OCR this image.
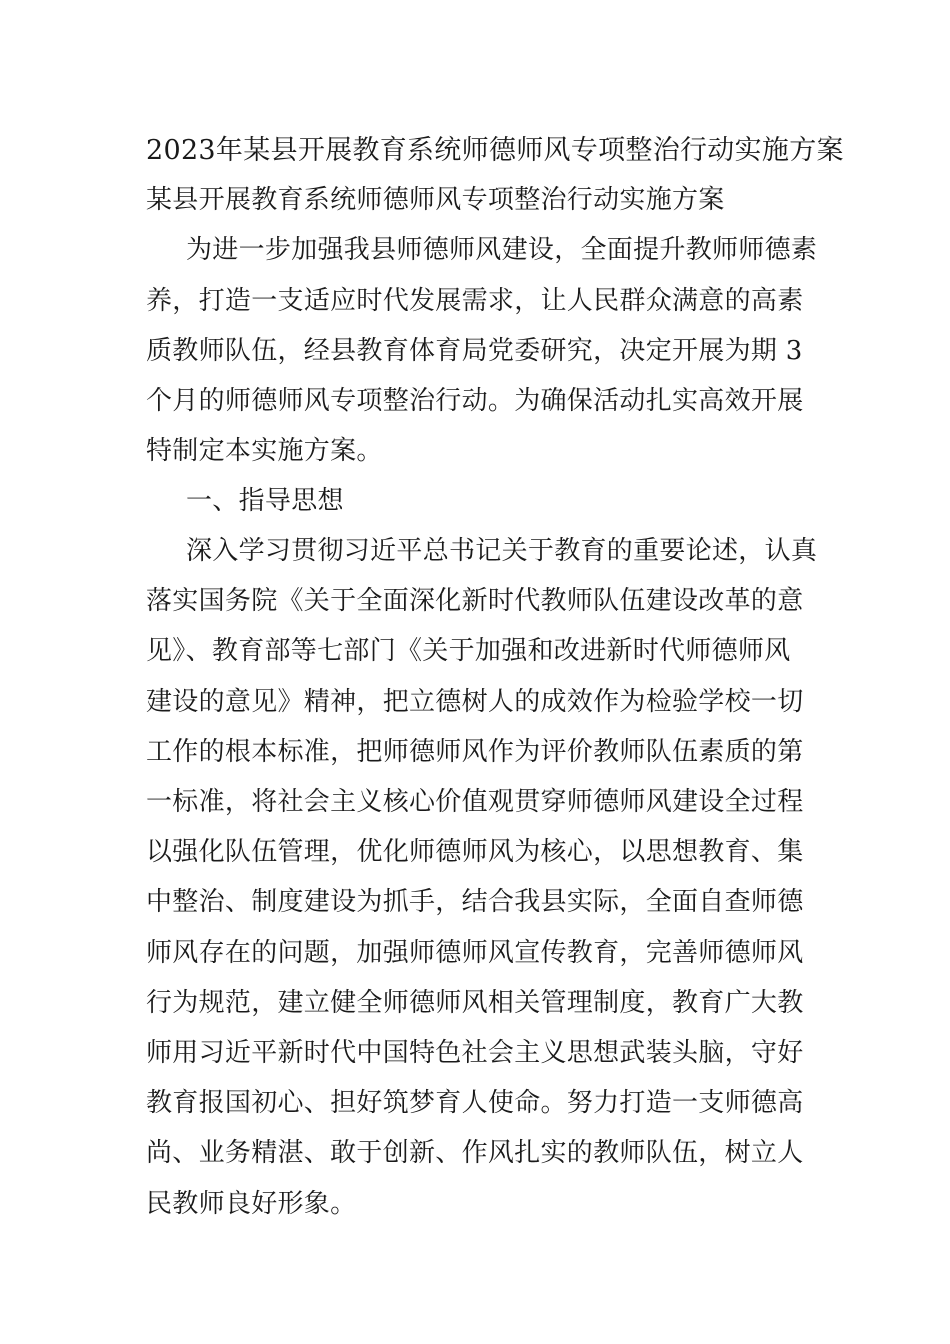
2023年某县开展教育系统师德师风专项整治行动实施方案
某县开展教育系统师德师风专项整治行动实施方案
为进一步加强我县师德师风建设，全面提升教师师德素
养，打造一支适应时代发展需求，让人民群众满意的高素
质教师队伍，经县教育体育局党委研究，决定开展为期 3
个月的师德师风专项整治行动。为确保活动扎实高效开展
特制定本实施方案。
一、指导思想
深入学习贯彻习近平总书记关于教育的重要论述，认真
落实国务院《关于全面深化新时代教师队伍建设改革的意
见》、教育部等七部门《关于加强和改进新时代师德师风
建设的意见》精神，把立德树人的成效作为检验学校一切
工作的根本标准，把师德师风作为评价教师队伍素质的第
一标准，将社会主义核心价值观贯穿师德师风建设全过程
以强化队伍管理，优化师德师风为核心，以思想教育、集
中整治、制度建设为抓手，结合我县实际，全面自查师德
师风存在的问题，加强师德师风宣传教育，完善师德师风
行为规范，建立健全师德师风相关管理制度，教育广大教
师用习近平新时代中国特色社会主义思想武装头脑，守好
教育报国初心、担好筑梦育人使命。努力打造一支师德高
尚、业务精湛、敢于创新、作风扎实的教师队伍，树立人
民教师良好形象。
